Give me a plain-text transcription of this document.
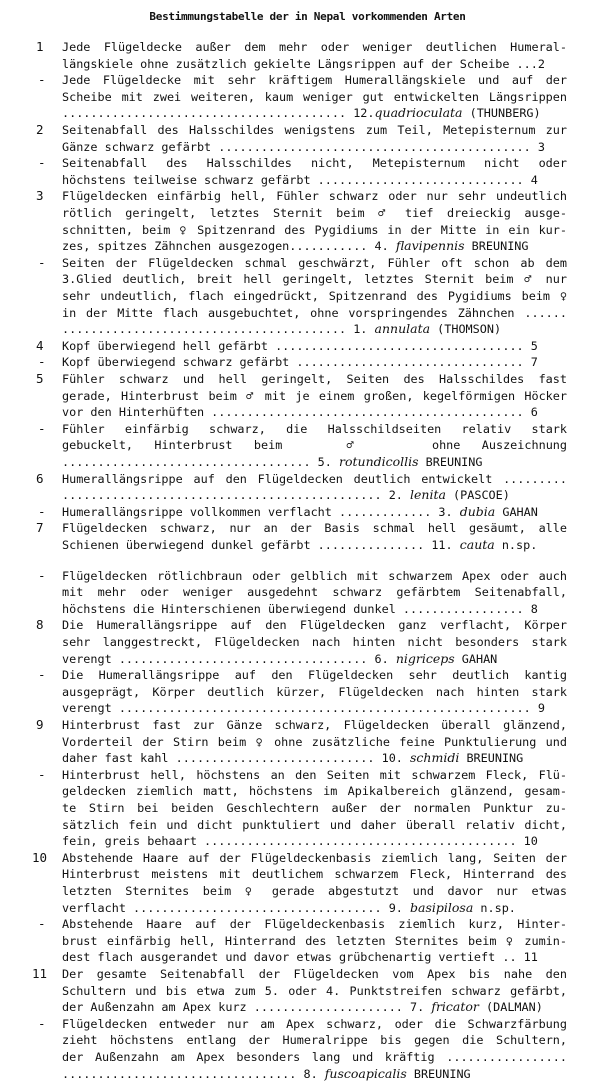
Bestimmungstabelle der in Nepal vorkommenden Arten
1	Jede Flügeldecke außer dem mehr oder weniger deutlichen Humeral-
längskiele ohne zusätzlich gekielte Längsrippen auf der Scheibe ...2
-	Jede Flügeldecke mit sehr kräftigem Humerallängskiele und auf der
Scheibe mit zwei weiteren, kaum weniger gut entwickelten Längsrippen
........................................ 12.quadrioculata (THUNBERG)
2	Seitenabfall des Halsschildes wenigstens zum Teil, Metepisternum zur
Gänze schwarz gefärbt ............................................ 3
-	Seitenabfall des Halsschildes nicht, Metepisternum nicht oder
höchstens teilweise schwarz gefärbt ............................. 4
3	Flügeldecken einfärbig hell, Fühler schwarz oder nur sehr undeutlich
rötlich geringelt, letztes Sternit beim ♂ tief dreieckig ausge-
schnitten, beim ♀ Spitzenrand des Pygidiums in der Mitte in ein kur-
zes, spitzes Zähnchen ausgezogen........... 4. flavipennis BREUNING
-	Seiten der Flügeldecken schmal geschwärzt, Fühler oft schon ab dem
3.Glied deutlich, breit hell geringelt, letztes Sternit beim ♂ nur
sehr undeutlich, flach eingedrückt, Spitzenrand des Pygidiums beim ♀
in der Mitte flach ausgebuchtet, ohne vorspringendes Zähnchen ......
........................................ 1. annulata (THOMSON)
4	Kopf überwiegend hell gefärbt ................................... 5
-	Kopf überwiegend schwarz gefärbt ................................ 7
5	Fühler schwarz und hell geringelt, Seiten des Halsschildes fast
gerade, Hinterbrust beim ♂ mit je einem großen, kegelförmigen Höcker
vor den Hinterhüften ............................................ 6
-	Fühler einfärbig schwarz, die Halsschildseiten relativ stark
gebuckelt, Hinterbrust beim   ♂   ohne Auszeichnung
................................... 5. rotundicollis BREUNING
6	Humerallängsrippe auf den Flügeldecken deutlich entwickelt .........
............................................. 2. lenita (PASCOE)
-	Humerallängsrippe vollkommen verflacht ............. 3. dubia GAHAN
7	Flügeldecken schwarz, nur an der Basis schmal hell gesäumt, alle
Schienen überwiegend dunkel gefärbt ............... 11. cauta n.sp.
-	Flügeldecken rötlichbraun oder gelblich mit schwarzem Apex oder auch
mit mehr oder weniger ausgedehnt schwarz gefärbtem Seitenabfall,
höchstens die Hinterschienen überwiegend dunkel ................. 8
8	Die Humerallängsrippe auf den Flügeldecken ganz verflacht, Körper
sehr langgestreckt, Flügeldecken nach hinten nicht besonders stark
verengt ................................... 6. nigriceps GAHAN
-	Die Humerallängsrippe auf den Flügeldecken sehr deutlich kantig
ausgeprägt, Körper deutlich kürzer, Flügeldecken nach hinten stark
verengt .......................................................... 9
9	Hinterbrust fast zur Gänze schwarz, Flügeldecken überall glänzend,
Vorderteil der Stirn beim ♀ ohne zusätzliche feine Punktulierung und
daher fast kahl ............................ 10. schmidi BREUNING
-	Hinterbrust hell, höchstens an den Seiten mit schwarzem Fleck, Flü-
geldecken ziemlich matt, höchstens im Apikalbereich glänzend, gesam-
te Stirn bei beiden Geschlechtern außer der normalen Punktur zu-
sätzlich fein und dicht punktuliert und daher überall relativ dicht,
fein, greis behaart ............................................ 10
10	Abstehende Haare auf der Flügeldeckenbasis ziemlich lang, Seiten der
Hinterbrust meistens mit deutlichem schwarzem Fleck, Hinterrand des
letzten Sternites beim ♀ gerade abgestutzt und davor nur etwas
verflacht ................................... 9. basipilosa n.sp.
-	Abstehende Haare auf der Flügeldeckenbasis ziemlich kurz, Hinter-
brust einfärbig hell, Hinterrand des letzten Sternites beim ♀ zumin-
dest flach ausgerandet und davor etwas grübchenartig vertieft .. 11
11	Der gesamte Seitenabfall der Flügeldecken vom Apex bis nahe den
Schultern und bis etwa zum 5. oder 4. Punktstreifen schwarz gefärbt,
der Außenzahn am Apex kurz ..................... 7. fricator (DALMAN)
-	Flügeldecken entweder nur am Apex schwarz, oder die Schwarzfärbung
zieht höchstens entlang der Humeralrippe bis gegen die Schultern,
der Außenzahn am Apex besonders lang und kräftig .................
................................. 8. fuscoapicalis BREUNING
